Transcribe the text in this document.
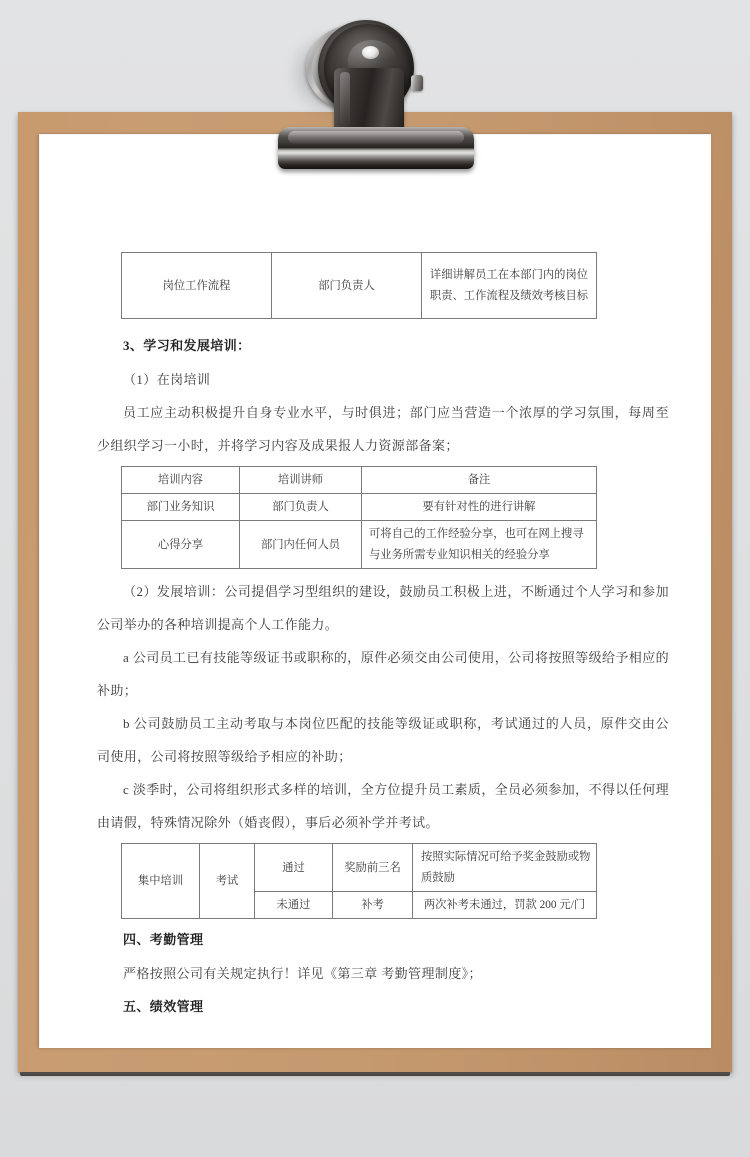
岗位工作流程	部门负责人	详细讲解员工在本部门内的岗位职责、工作流程及绩效考核目标

3、学习和发展培训：

（1）在岗培训

员工应主动积极提升自身专业水平，与时俱进；部门应当营造一个浓厚的学习氛围，每周至少组织学习一小时，并将学习内容及成果报人力资源部备案；

培训内容	培训讲师	备注
部门业务知识	部门负责人	要有针对性的进行讲解
心得分享	部门内任何人员	可将自己的工作经验分享，也可在网上搜寻与业务所需专业知识相关的经验分享

（2）发展培训：公司提倡学习型组织的建设，鼓励员工积极上进，不断通过个人学习和参加公司举办的各种培训提高个人工作能力。

a 公司员工已有技能等级证书或职称的，原件必须交由公司使用，公司将按照等级给予相应的补助；

b 公司鼓励员工主动考取与本岗位匹配的技能等级证或职称，考试通过的人员，原件交由公司使用，公司将按照等级给予相应的补助；

c 淡季时，公司将组织形式多样的培训，全方位提升员工素质，全员必须参加，不得以任何理由请假，特殊情况除外（婚丧假），事后必须补学并考试。

集中培训	考试	通过	奖励前三名	按照实际情况可给予奖金鼓励或物质鼓励
		未通过	补考	两次补考未通过，罚款 200 元/门

四、考勤管理

严格按照公司有关规定执行！详见《第三章 考勤管理制度》；

五、绩效管理
